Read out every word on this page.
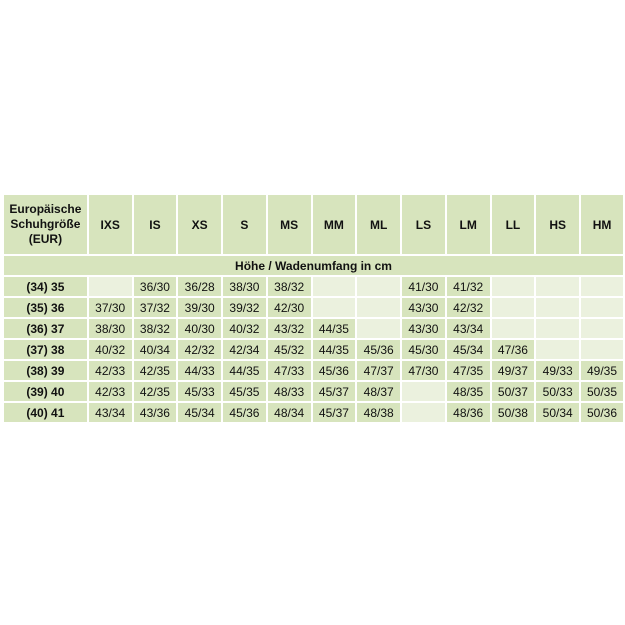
Europäische
Schuhgröße
(EUR)	IXS	IS	XS	S	MS	MM	ML	LS	LM	LL	HS	HM
Höhe / Wadenumfang in cm												
(34) 35		36/30	36/28	38/30	38/32			41/30	41/32			
(35) 36	37/30	37/32	39/30	39/32	42/30			43/30	42/32			
(36) 37	38/30	38/32	40/30	40/32	43/32	44/35		43/30	43/34			
(37) 38	40/32	40/34	42/32	42/34	45/32	44/35	45/36	45/30	45/34	47/36		
(38) 39	42/33	42/35	44/33	44/35	47/33	45/36	47/37	47/30	47/35	49/37	49/33	49/35
(39) 40	42/33	42/35	45/33	45/35	48/33	45/37	48/37		48/35	50/37	50/33	50/35
(40) 41	43/34	43/36	45/34	45/36	48/34	45/37	48/38		48/36	50/38	50/34	50/36
